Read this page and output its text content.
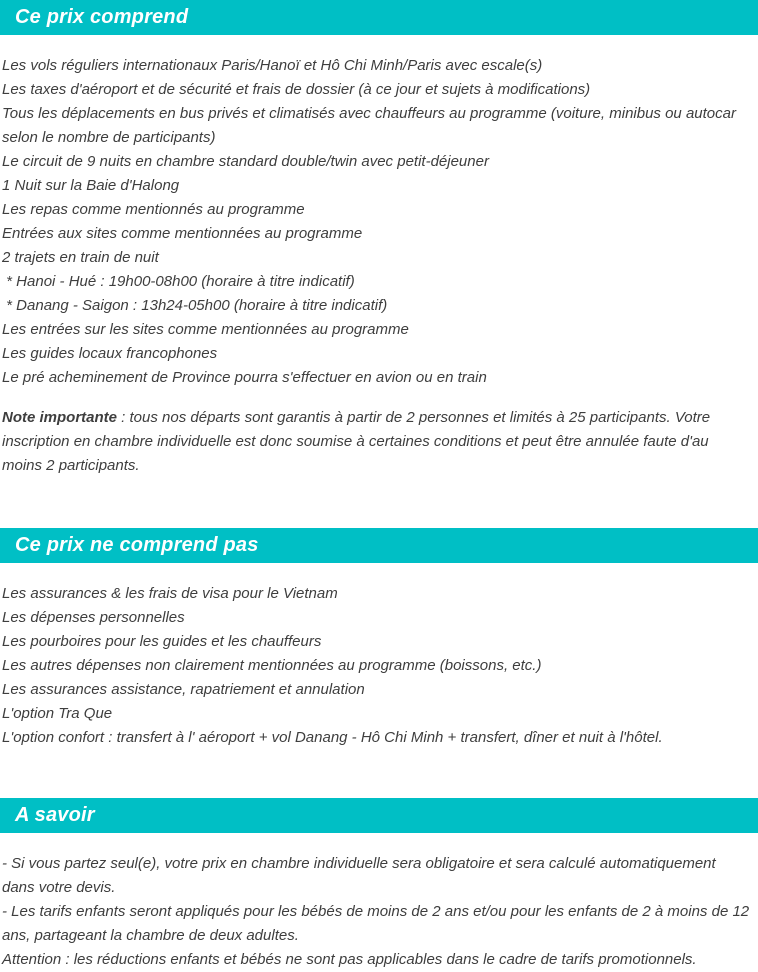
Ce prix comprend
Les vols réguliers internationaux Paris/Hanoï et Hô Chi Minh/Paris avec escale(s)
Les taxes d'aéroport et de sécurité et frais de dossier (à ce jour et sujets à modifications)
Tous les déplacements en bus privés et climatisés avec chauffeurs au programme (voiture, minibus ou autocar selon le nombre de participants)
Le circuit de 9 nuits en chambre standard double/twin avec petit-déjeuner
1 Nuit sur la Baie d'Halong
Les repas comme mentionnés au programme
Entrées aux sites comme mentionnées au programme
2 trajets en train de nuit
* Hanoi - Hué : 19h00-08h00 (horaire à titre indicatif)
* Danang - Saigon : 13h24-05h00 (horaire à titre indicatif)
Les entrées sur les sites comme mentionnées au programme
Les guides locaux francophones
Le pré acheminement de Province pourra s'effectuer en avion ou en train

Note importante : tous nos départs sont garantis à partir de 2 personnes et limités à 25 participants. Votre inscription en chambre individuelle est donc soumise à certaines conditions et peut être annulée faute d'au moins 2 participants.

Ce prix ne comprend pas
Les assurances & les frais de visa pour le Vietnam
Les dépenses personnelles
Les pourboires pour les guides et les chauffeurs
Les autres dépenses non clairement mentionnées au programme (boissons, etc.)
Les assurances assistance, rapatriement et annulation
L'option Tra Que
L'option confort : transfert à l' aéroport + vol Danang - Hô Chi Minh + transfert, dîner et nuit à l'hôtel.
A savoir

- Si vous partez seul(e), votre prix en chambre individuelle sera obligatoire et sera calculé automatiquement dans votre devis.

- Les tarifs enfants seront appliqués pour les bébés de moins de 2 ans et/ou pour les enfants de 2 à moins de 12 ans, partageant la chambre de deux adultes.

Attention : les réductions enfants et bébés ne sont pas applicables dans le cadre de tarifs promotionnels.
